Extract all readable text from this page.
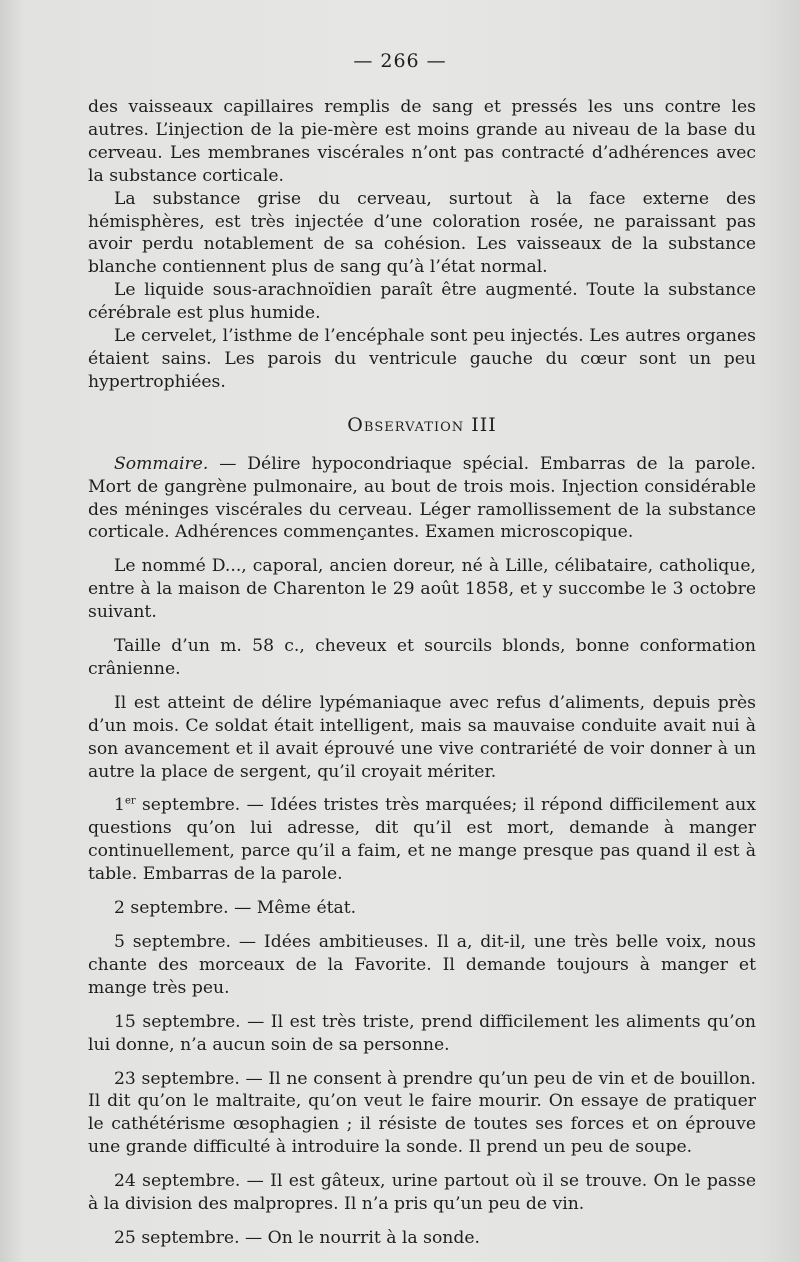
— 266 —

des vaisseaux capillaires remplis de sang et pressés les uns contre les autres. L’injection de la pie-mère est moins grande au niveau de la base du cerveau. Les membranes viscérales n’ont pas contracté d’adhérences avec la substance corticale.

La substance grise du cerveau, surtout à la face externe des hémisphères, est très injectée d’une coloration rosée, ne paraissant pas avoir perdu notablement de sa cohésion. Les vaisseaux de la substance blanche contiennent plus de sang qu’à l’état normal.

Le liquide sous-arachnoïdien paraît être augmenté. Toute la substance cérébrale est plus humide.

Le cervelet, l’isthme de l’encéphale sont peu injectés. Les autres organes étaient sains. Les parois du ventricule gauche du cœur sont un peu hypertrophiées.

Observation III

Sommaire. — Délire hypocondriaque spécial. Embarras de la parole. Mort de gangrène pulmonaire, au bout de trois mois. Injection considérable des méninges viscérales du cerveau. Léger ramollissement de la substance corticale. Adhérences commençantes. Examen microscopique.

Le nommé D..., caporal, ancien doreur, né à Lille, célibataire, catholique, entre à la maison de Charenton le 29 août 1858, et y succombe le 3 octobre suivant.

Taille d’un m. 58 c., cheveux et sourcils blonds, bonne conformation crânienne.

Il est atteint de délire lypémaniaque avec refus d’aliments, depuis près d’un mois. Ce soldat était intelligent, mais sa mauvaise conduite avait nui à son avancement et il avait éprouvé une vive contrariété de voir donner à un autre la place de sergent, qu’il croyait mériter.

1er septembre. — Idées tristes très marquées; il répond difficilement aux questions qu’on lui adresse, dit qu’il est mort, demande à manger continuellement, parce qu’il a faim, et ne mange presque pas quand il est à table. Embarras de la parole.

2 septembre. — Même état.

5 septembre. — Idées ambitieuses. Il a, dit-il, une très belle voix, nous chante des morceaux de la Favorite. Il demande toujours à manger et mange très peu.

15 septembre. — Il est très triste, prend difficilement les aliments qu’on lui donne, n’a aucun soin de sa personne.

23 septembre. — Il ne consent à prendre qu’un peu de vin et de bouillon. Il dit qu’on le maltraite, qu’on veut le faire mourir. On essaye de pratiquer le cathétérisme œsophagien ; il résiste de toutes ses forces et on éprouve une grande difficulté à introduire la sonde. Il prend un peu de soupe.

24 septembre. — Il est gâteux, urine partout où il se trouve. On le passe à la division des malpropres. Il n’a pris qu’un peu de vin.

25 septembre. — On le nourrit à la sonde.
